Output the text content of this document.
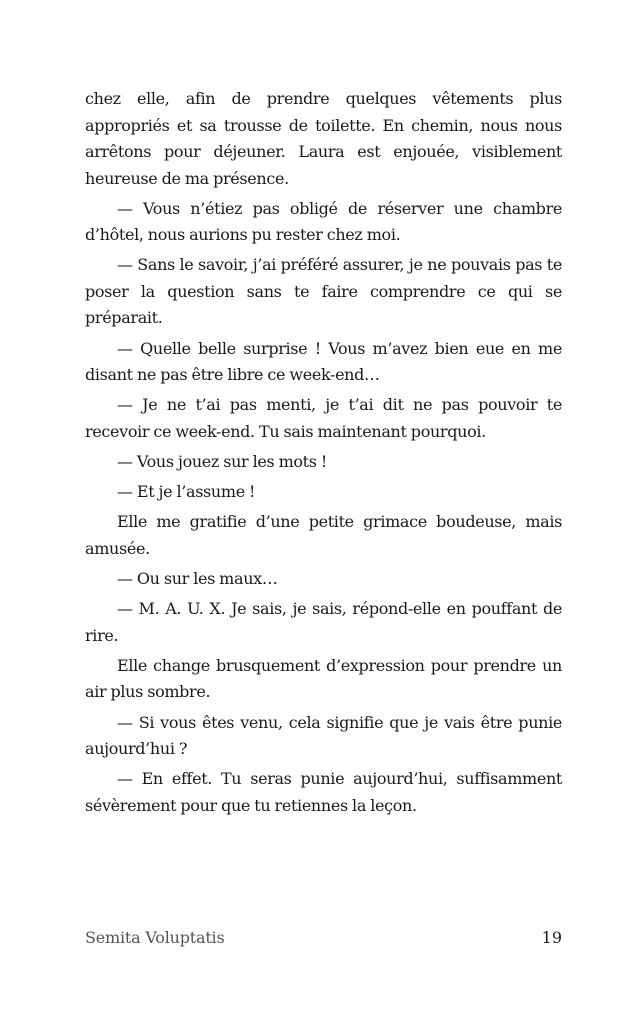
chez elle, afin de prendre quelques vêtements plus appropriés et sa trousse de toilette. En chemin, nous nous arrêtons pour déjeuner. Laura est enjouée, visiblement heureuse de ma présence.

— Vous n’étiez pas obligé de réserver une chambre d’hôtel, nous aurions pu rester chez moi.

— Sans le savoir, j’ai préféré assurer, je ne pouvais pas te poser la question sans te faire comprendre ce qui se préparait.

— Quelle belle surprise ! Vous m’avez bien eue en me disant ne pas être libre ce week-end…

— Je ne t’ai pas menti, je t’ai dit ne pas pouvoir te recevoir ce week-end. Tu sais maintenant pourquoi.

— Vous jouez sur les mots !

— Et je l’assume !

Elle me gratifie d’une petite grimace boudeuse, mais amusée.

— Ou sur les maux…

— M. A. U. X. Je sais, je sais, répond-elle en pouffant de rire.

Elle change brusquement d’expression pour prendre un air plus sombre.

— Si vous êtes venu, cela signifie que je vais être punie aujourd’hui ?

— En effet. Tu seras punie aujourd’hui, suffisamment sévèrement pour que tu retiennes la leçon.

Semita Voluptatis	19
